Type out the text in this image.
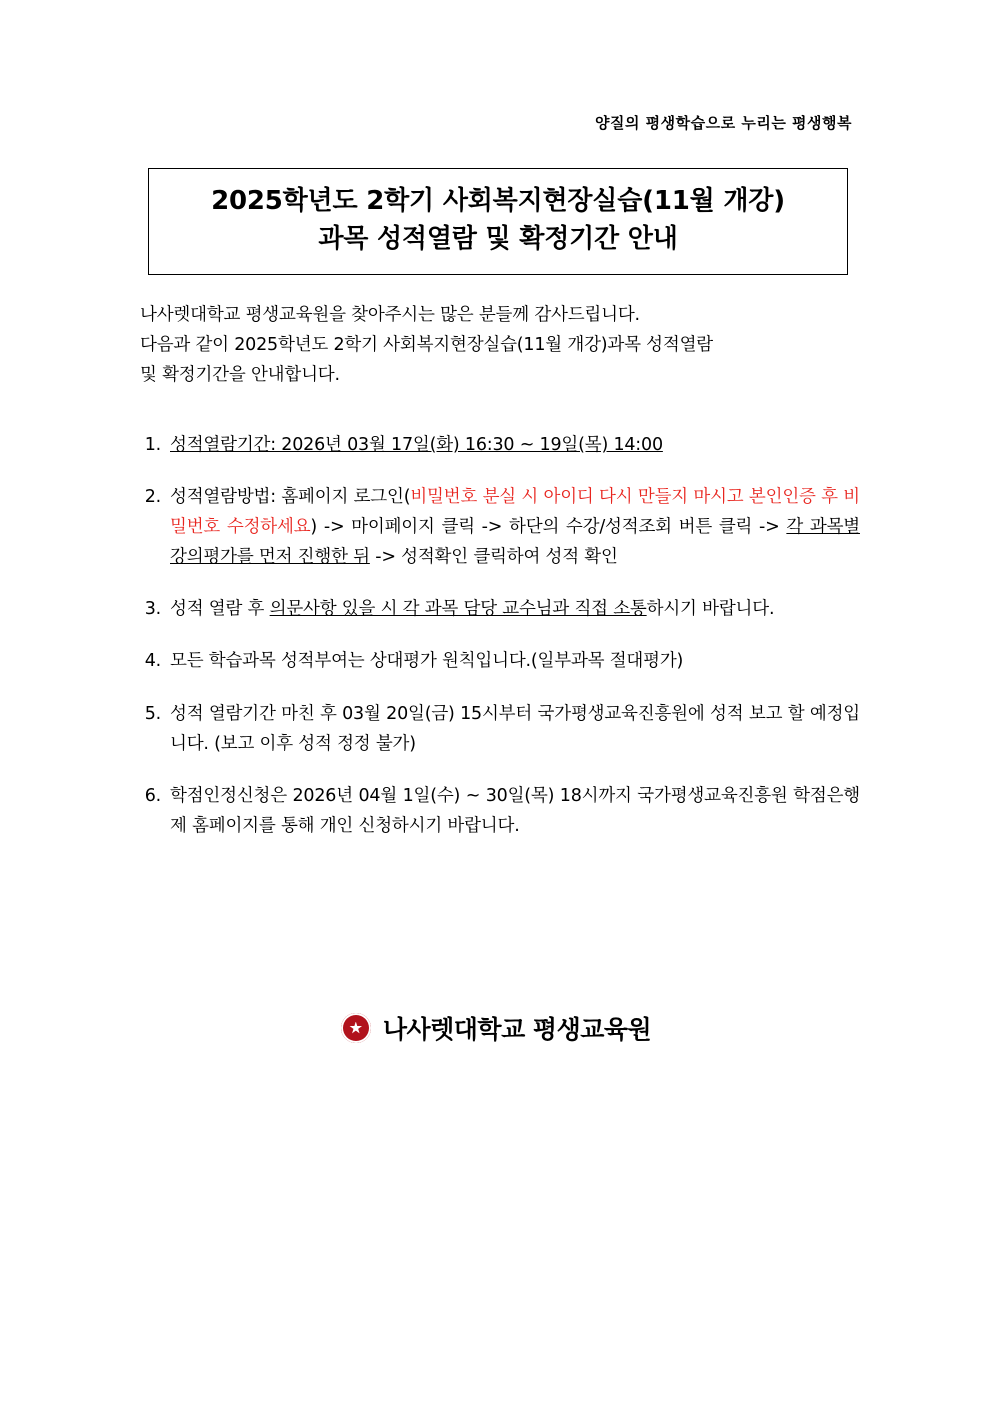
양질의 평생학습으로 누리는 평생행복
2025학년도 2학기 사회복지현장실습(11월 개강)
과목 성적열람 및 확정기간 안내
나사렛대학교 평생교육원을 찾아주시는 많은 분들께 감사드립니다.
다음과 같이 2025학년도 2학기 사회복지현장실습(11월 개강)과목 성적열람
및 확정기간을 안내합니다.
1. 성적열람기간: 2026년 03월 17일(화) 16:30 ~ 19일(목) 14:00
2. 성적열람방법: 홈페이지 로그인(비밀번호 분실 시 아이디 다시 만들지 마시고 본인인증 후 비밀번호 수정하세요) -> 마이페이지 클릭 -> 하단의 수강/성적조회 버튼 클릭 -> 각 과목별 강의평가를 먼저 진행한 뒤 -> 성적확인 클릭하여 성적 확인
3. 성적 열람 후 의문사항 있을 시 각 과목 담당 교수님과 직접 소통하시기 바랍니다.
4. 모든 학습과목 성적부여는 상대평가 원칙입니다.(일부과목 절대평가)
5. 성적 열람기간 마친 후 03월 20일(금) 15시부터 국가평생교육진흥원에 성적 보고 할 예정입니다. (보고 이후 성적 정정 불가)
6. 학점인정신청은 2026년 04월 1일(수) ~ 30일(목) 18시까지 국가평생교육진흥원 학점은행제 홈페이지를 통해 개인 신청하시기 바랍니다.
나사렛대학교 평생교육원
